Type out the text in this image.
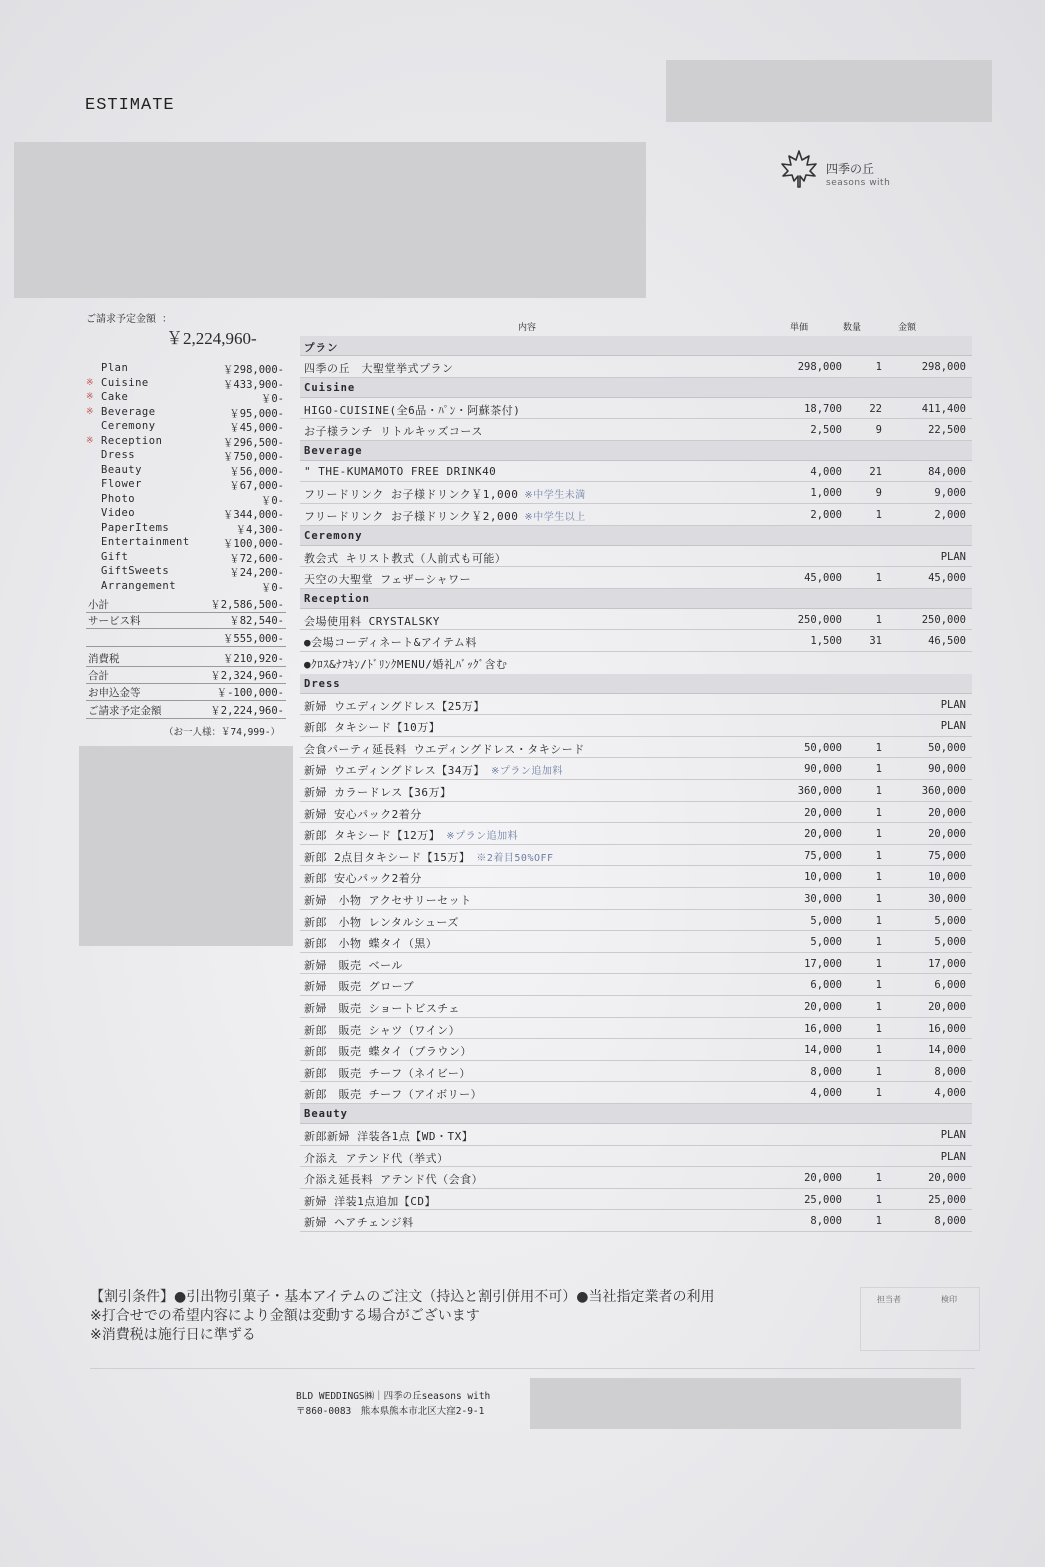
ESTIMATE
四季の丘
seasons with
ご請求予定金額 ：
￥2,224,960-
Plan	￥298,000-
※ Cuisine	￥433,900-
※ Cake	￥0-
※ Beverage	￥95,000-
Ceremony	￥45,000-
※ Reception	￥296,500-
Dress	￥750,000-
Beauty	￥56,000-
Flower	￥67,000-
Photo	￥0-
Video	￥344,000-
PaperItems	￥4,300-
Entertainment	￥100,000-
Gift	￥72,600-
GiftSweets	￥24,200-
Arrangement	￥0-
小計	￥2,586,500-
サービス料	￥82,540-
￥555,000-
消費税	￥210,920-
合計	￥2,324,960-
お申込金等	￥-100,000-
ご請求予定金額	￥2,224,960-
（お一人様：￥74,999-）
内容	単価	数量	金額
プラン
四季の丘　大聖堂挙式プラン	298,000	1	298,000
Cuisine
HIGO-CUISINE(全6品・ﾊﾟﾝ・阿蘇茶付)	18,700	22	411,400
お子様ランチ リトルキッズコース	2,500	9	22,500
Beverage
" THE-KUMAMOTO FREE DRINK40	4,000	21	84,000
フリードリンク お子様ドリンク￥1,000 ※中学生未満	1,000	9	9,000
フリードリンク お子様ドリンク￥2,000 ※中学生以上	2,000	1	2,000
Ceremony
教会式 キリスト教式（人前式も可能）	PLAN
天空の大聖堂 フェザーシャワー	45,000	1	45,000
Reception
会場使用料 CRYSTALSKY	250,000	1	250,000
●会場コーディネート&アイテム料	1,500	31	46,500
●ｸﾛｽ&ﾅﾌｷﾝ/ﾄﾞﾘﾝｸMENU/婚礼ﾊﾞｯｸﾞ含む
Dress
新婦 ウエディングドレス【25万】	PLAN
新郎 タキシード【10万】	PLAN
会食パーティ延長料 ウエディングドレス・タキシード	50,000	1	50,000
新婦 ウエディングドレス【34万】 ※プラン追加料	90,000	1	90,000
新婦 カラードレス【36万】	360,000	1	360,000
新婦 安心パック2着分	20,000	1	20,000
新郎 タキシード【12万】 ※プラン追加料	20,000	1	20,000
新郎 2点目タキシード【15万】 ※2着目50%OFF	75,000	1	75,000
新郎 安心パック2着分	10,000	1	10,000
新婦　小物 アクセサリーセット	30,000	1	30,000
新郎　小物 レンタルシューズ	5,000	1	5,000
新郎　小物 蝶タイ（黒）	5,000	1	5,000
新婦　販売 ベール	17,000	1	17,000
新婦　販売 グローブ	6,000	1	6,000
新婦　販売 ショートビスチェ	20,000	1	20,000
新郎　販売 シャツ（ワイン）	16,000	1	16,000
新郎　販売 蝶タイ（ブラウン）	14,000	1	14,000
新郎　販売 チーフ（ネイビー）	8,000	1	8,000
新郎　販売 チーフ（アイボリー）	4,000	1	4,000
Beauty
新郎新婦 洋装各1点【WD・TX】	PLAN
介添え アテンド代（挙式）	PLAN
介添え延長料 アテンド代（会食）	20,000	1	20,000
新婦 洋装1点追加【CD】	25,000	1	25,000
新婦 ヘアチェンジ料	8,000	1	8,000
【割引条件】●引出物引菓子・基本アイテムのご注文（持込と割引併用不可）●当社指定業者の利用
※打合せでの希望内容により金額は変動する場合がございます
※消費税は施行日に準ずる
担当者	検印
BLD WEDDINGS㈱｜四季の丘seasons with
〒860-0083　熊本県熊本市北区大窪2-9-1
